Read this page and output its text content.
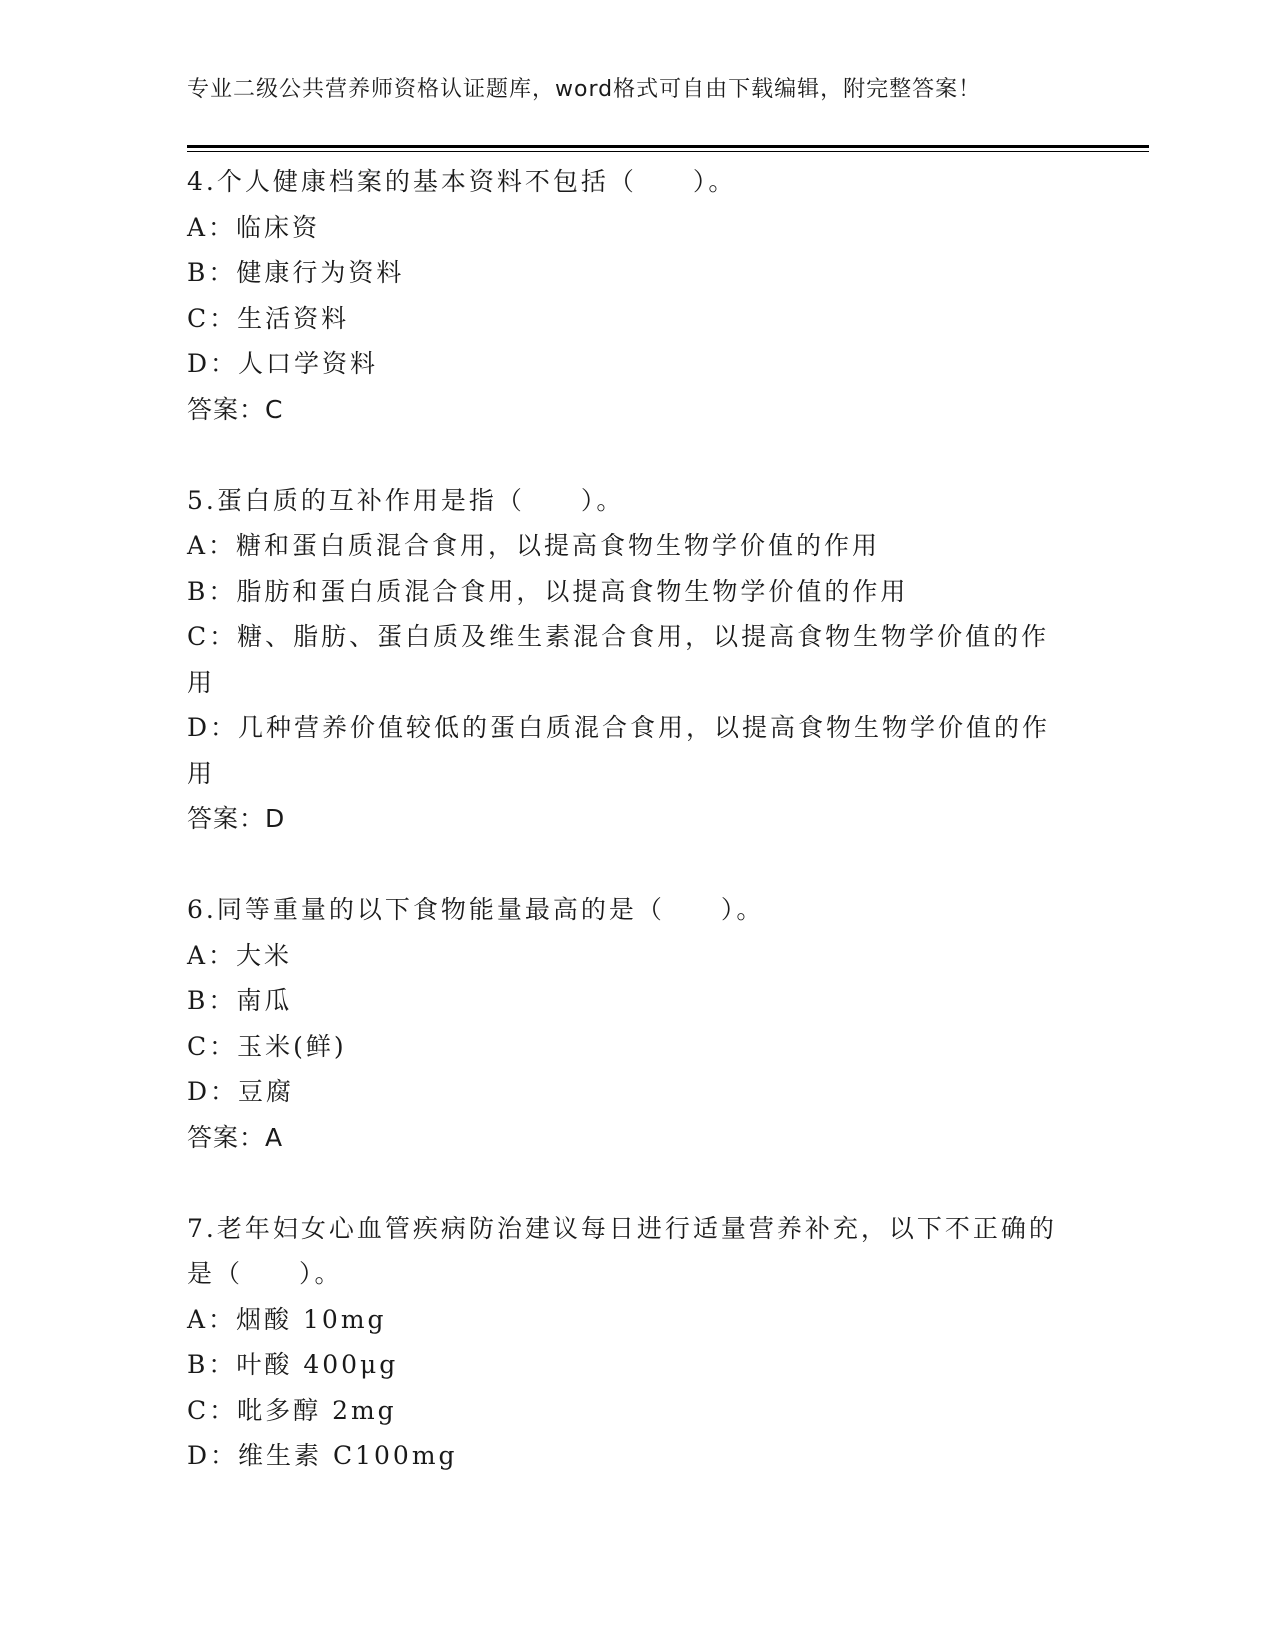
专业二级公共营养师资格认证题库，word格式可自由下载编辑，附完整答案！
4.个人健康档案的基本资料不包括（　　）。
A：临床资
B：健康行为资料
C：生活资料
D：人口学资料
答案：C
5.蛋白质的互补作用是指（　　）。
A：糖和蛋白质混合食用，以提高食物生物学价值的作用
B：脂肪和蛋白质混合食用，以提高食物生物学价值的作用
C：糖、脂肪、蛋白质及维生素混合食用，以提高食物生物学价值的作用
D：几种营养价值较低的蛋白质混合食用，以提高食物生物学价值的作用
答案：D
6.同等重量的以下食物能量最高的是（　　）。
A：大米
B：南瓜
C：玉米(鲜)
D：豆腐
答案：A
7.老年妇女心血管疾病防治建议每日进行适量营养补充，以下不正确的是（　　）。
A：烟酸 10mg
B：叶酸 400μg
C：吡多醇 2mg
D：维生素 C100mg
